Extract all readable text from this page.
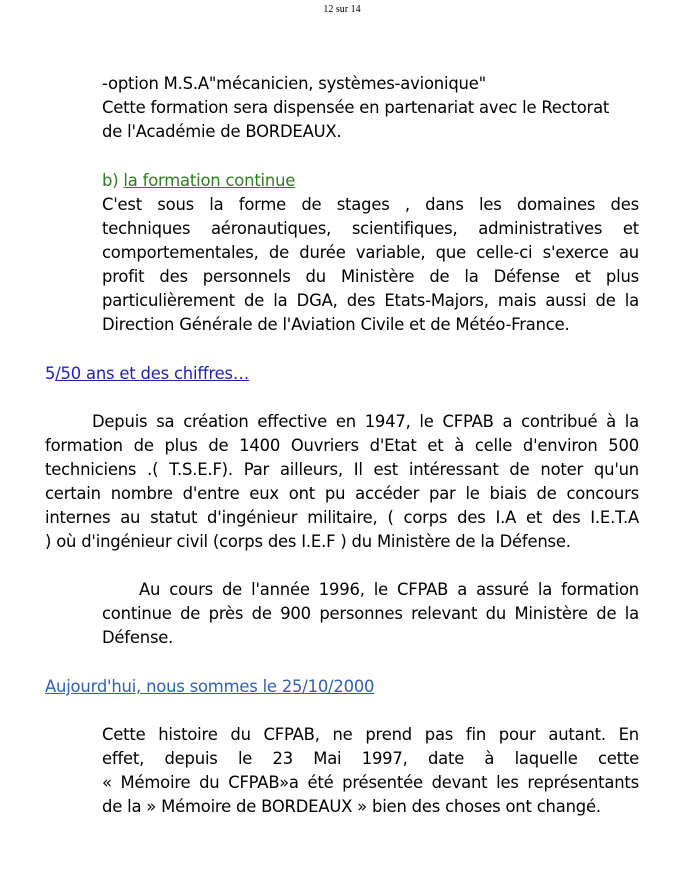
12 sur 14
-option M.S.A"mécanicien, systèmes-avionique"
Cette formation sera dispensée en partenariat avec le Rectorat
de l'Académie de BORDEAUX.
b) la formation continue
C'est sous la forme de stages , dans les domaines des
techniques aéronautiques, scientifiques, administratives et
comportementales, de durée variable, que celle-ci s'exerce au
profit des personnels du Ministère de la Défense et plus
particulièrement de la DGA, des Etats-Majors, mais aussi de la
Direction Générale de l'Aviation Civile et de Météo-France.
5/50 ans et des chiffres…
Depuis sa création effective en 1947, le CFPAB a contribué à la
formation de plus de 1400 Ouvriers d'Etat et à celle d'environ 500
techniciens .( T.S.E.F). Par ailleurs, Il est intéressant de noter qu'un
certain nombre d'entre eux ont pu accéder par le biais de concours
internes au statut d'ingénieur militaire, ( corps des I.A et des I.E.T.A
) où d'ingénieur civil (corps des I.E.F ) du Ministère de la Défense.
Au cours de l'année 1996, le CFPAB a assuré la formation
continue de près de 900 personnes relevant du Ministère de la
Défense.
Aujourd'hui, nous sommes le 25/10/2000
Cette histoire du CFPAB, ne prend pas fin pour autant. En
effet, depuis le 23 Mai 1997, date à laquelle cette
« Mémoire du CFPAB»a été présentée devant les représentants
de la » Mémoire de BORDEAUX » bien des choses ont changé.
